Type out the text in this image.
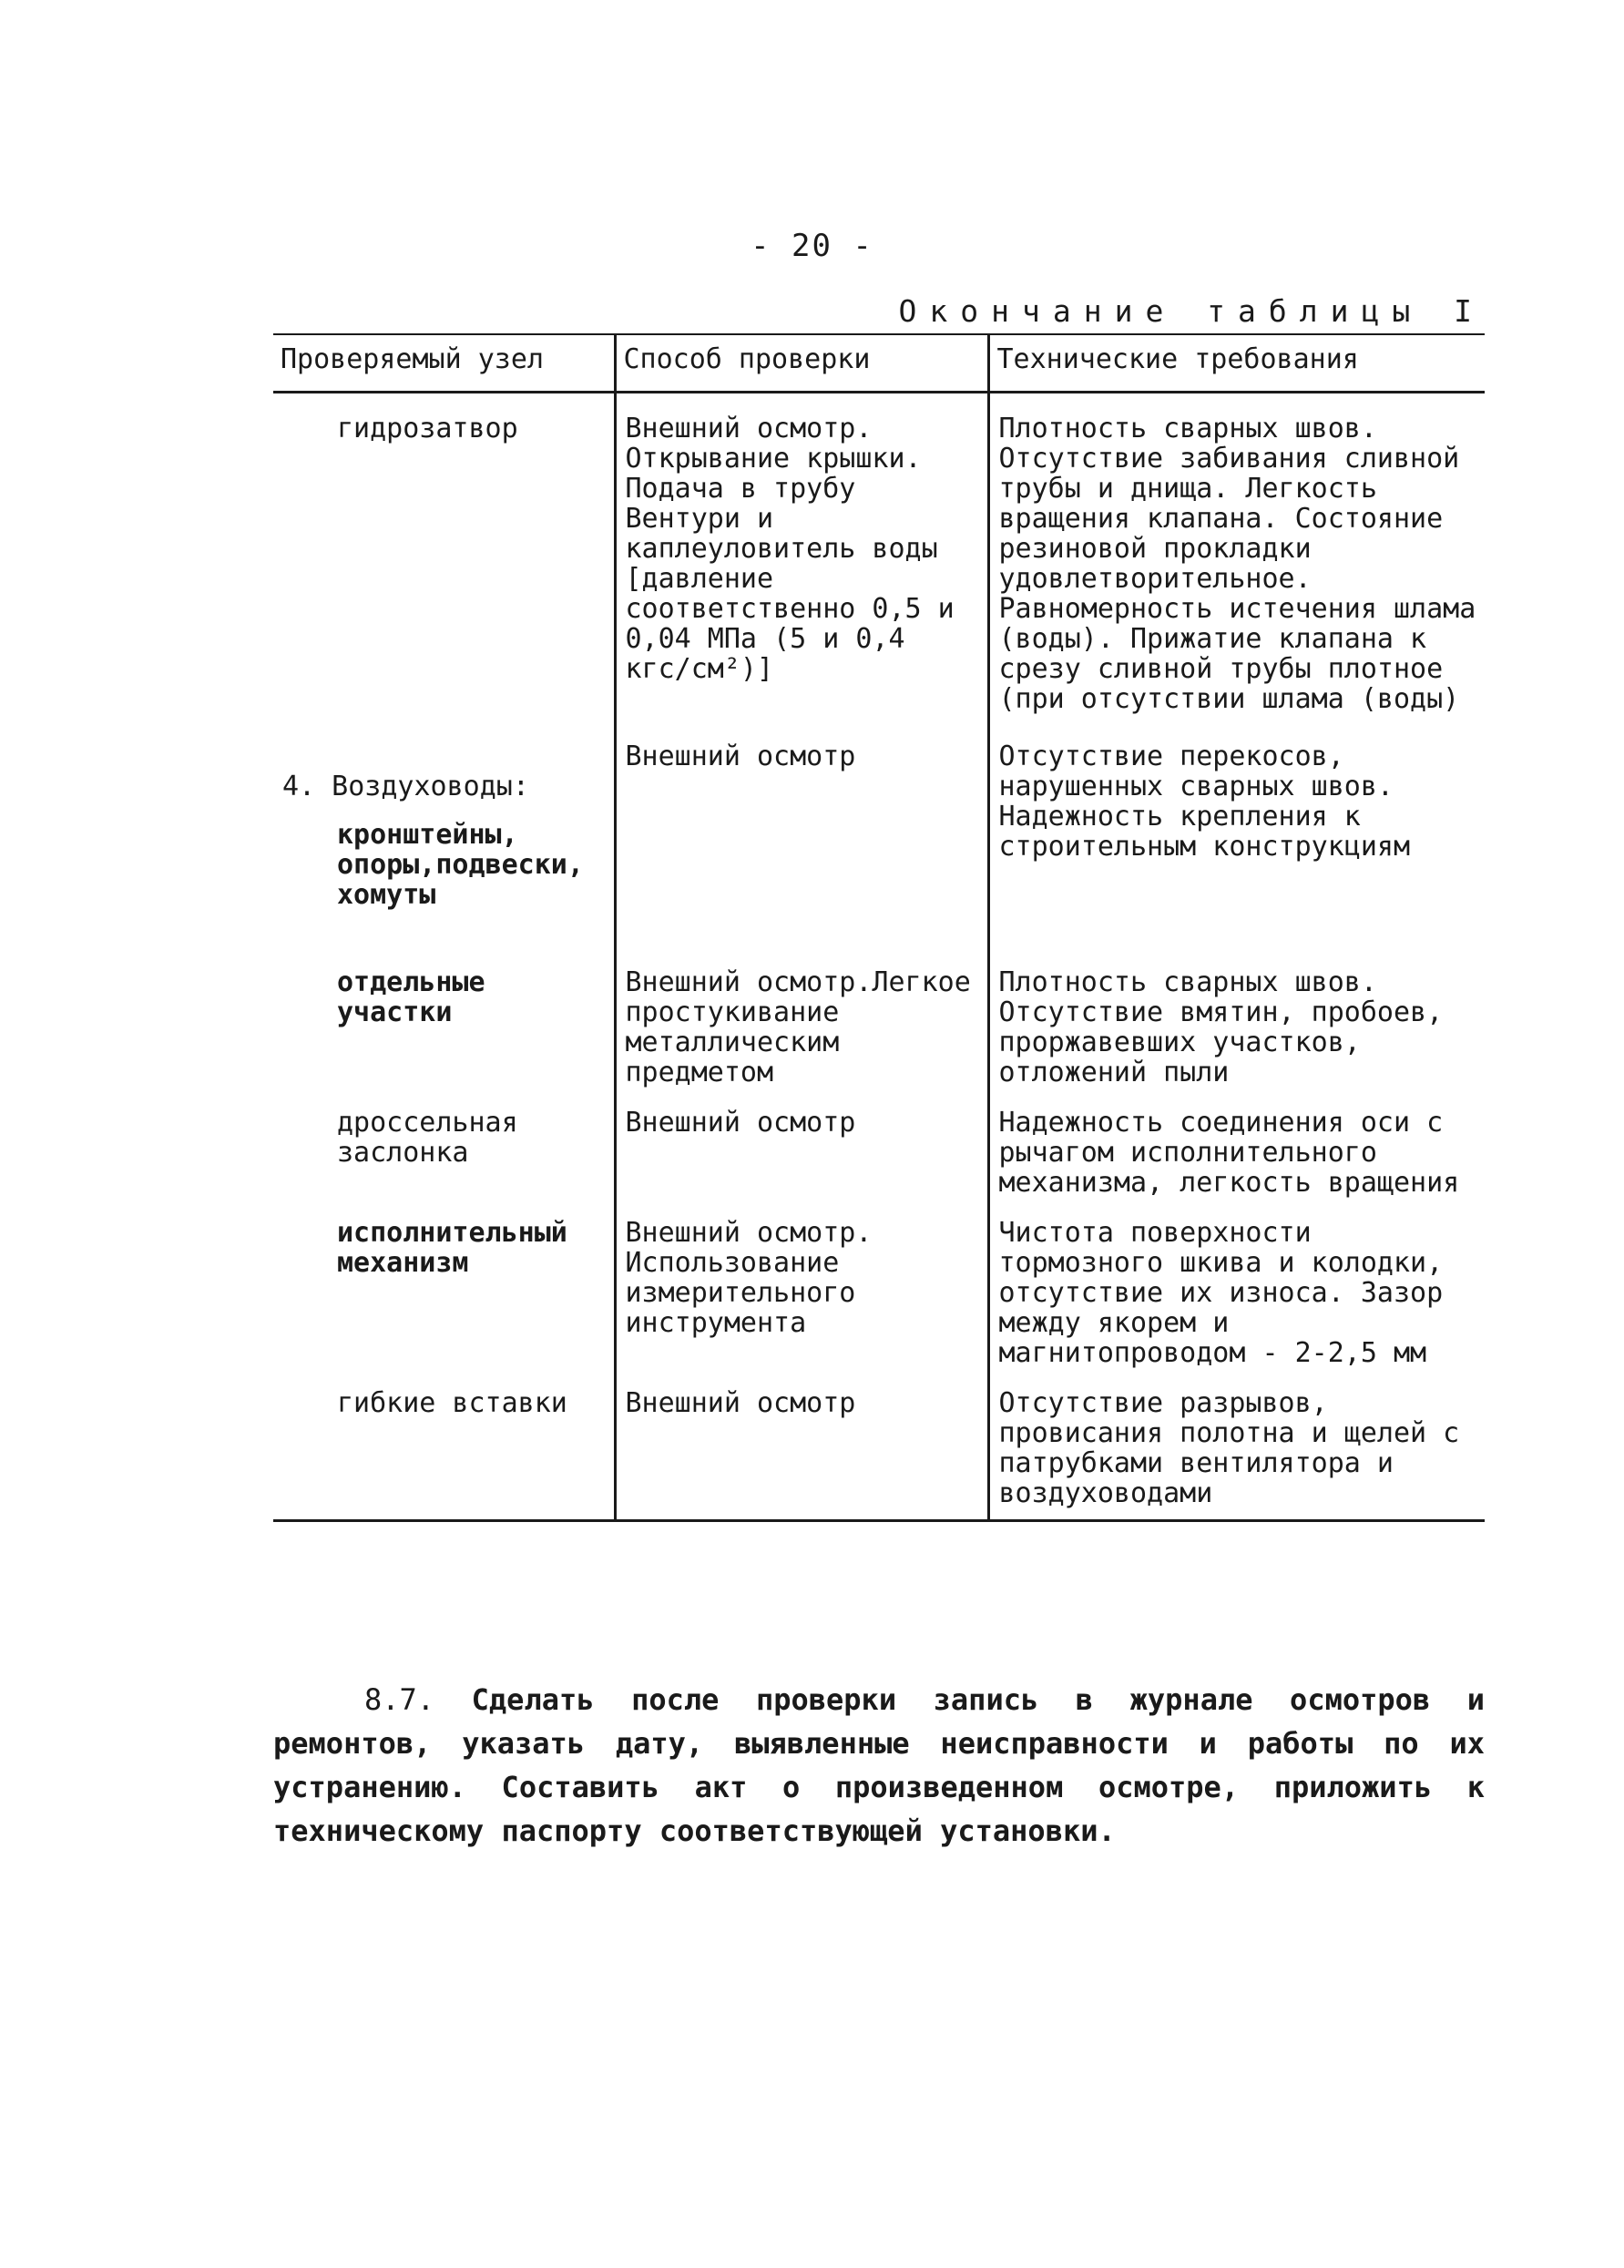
- 20 -
Окончание таблицы I
Проверяемый узел	Способ проверки	Технические требования
гидрозатвор	Внешний осмотр. Открывание крышки. Подача в трубу Вентури и каплеуловитель воды [давление соответственно 0,5 и 0,04 МПа (5 и 0,4 кгс/см²)]	Плотность сварных швов. Отсутствие забивания сливной трубы и днища. Легкость вращения клапана. Состояние резиновой прокладки удовлетворительное. Равномерность истечения шлама (воды). Прижатие клапана к срезу сливной трубы плотное (при отсутствии шлама (воды)

4. Воздуховоды:

кронштейны, опоры,подвески, хомуты	Внешний осмотр	Отсутствие перекосов, нарушенных сварных швов. Надежность крепления к строительным конструкциям
отдельные участки	Внешний осмотр.Легкое простукивание металлическим предметом	Плотность сварных швов. Отсутствие вмятин, пробоев, проржавевших участков, отложений пыли
дроссельная заслонка	Внешний осмотр	Надежность соединения оси с рычагом исполнительного механизма, легкость вращения
исполнительный механизм	Внешний осмотр. Использование измерительного инструмента	Чистота поверхности тормозного шкива и колодки, отсутствие их износа. Зазор между якорем и магнитопроводом - 2-2,5 мм
гибкие вставки	Внешний осмотр	Отсутствие разрывов, провисания полотна и щелей с патрубками вентилятора и воздуховодами

8.7. Сделать после проверки запись в журнале осмотров и ремонтов, указать дату, выявленные неисправности и работы по их устранению. Составить акт о произведенном осмотре, приложить к техническому паспорту соответствующей установки.
